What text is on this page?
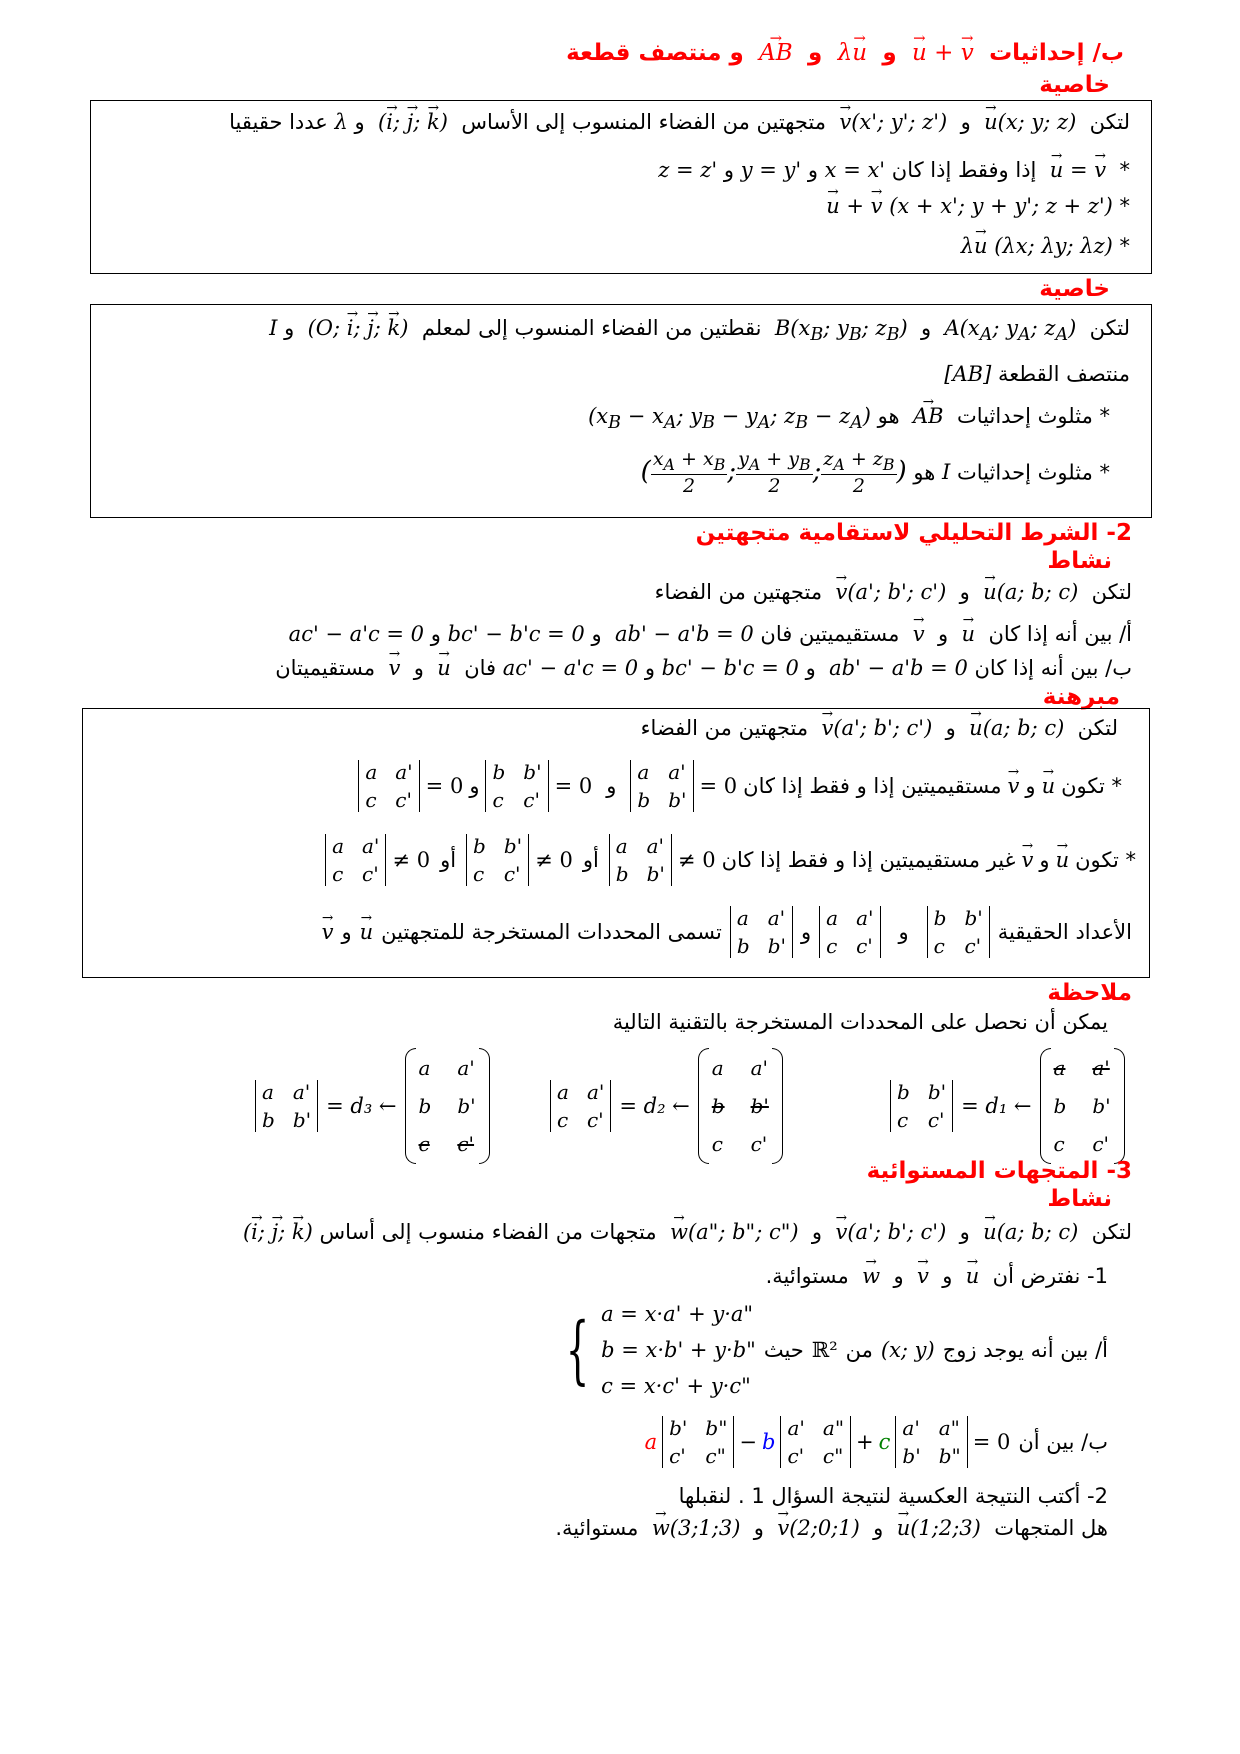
ب/ إحداثيات  → u + → v  و  λ→ u  و  → AB  و منتصف قطعة
خاصية
لتكن  → u(x; y; z)  و  → v(x'; y'; z')  متجهتين من الفضاء المنسوب إلى الأساس  (→ i; → j; → k)  و λ عددا حقيقيا
*  → u = → v  إذا وفقط إذا كان x = x' و y = y' و z = z'
*  → u + → v (x + x'; y + y'; z + z')
*  λ→ u (λx; λy; λz)
خاصية
لتكن  $A(x_A$; $y_A$; $z_A$)  و  $B(x_B$; $y_B$; $z_B$)  نقطتين من الفضاء المنسوب إلى لمعلم  (O; → i; → j; → k)  و I
منتصف القطعة [AB]
* مثلوث إحداثيات  → AB  هو  ($x_B - x_A$; $y_B - y_A$; $z_B - z_A$)
* مثلوث إحداثيات I هو ( $\frac{x_A + x_B}{2}$ ; $\frac{y_A + y_B}{2}$ ; $\frac{z_A + z_B}{2}$ )
2- الشرط التحليلي لاستقامية متجهتين
نشاط
لتكن  → u(a; b; c)  و  → v(a'; b'; c')  متجهتين من الفضاء
أ/ بين أنه إذا كان  → u  و  → v  مستقيميتين فان ab' − a'b = 0  و bc' − b'c = 0 و ac' − a'c = 0
ب/ بين أنه إذا كان ab' − a'b = 0  و bc' − b'c = 0 و ac' − a'c = 0 فان  → u  و  → v  مستقيميتان
مبرهنة
لتكن  → u(a; b; c)  و  → v(a'; b'; c')  متجهتين من الفضاء
* تكون
→ u
و
→ v
مستقيميتين إذا و فقط إذا كان
a a'
b b'
= 0
و
b b'
c c'
= 0
و
a a'
c c'
= 0
* تكون
→ u
و
→ v
غير مستقيميتين إذا و فقط إذا كان
a a'
b b'
≠ 0
أو
b b'
c c'
≠ 0
أو
a a'
c c'
≠ 0
الأعداد الحقيقية
b b'
c c'
و
a a'
c c'
و
a a'
b b'
تسمى المحددات المستخرجة للمتجهتين
→ u
و
→ v
ملاحظة
يمكن أن نحصل على المحددات المستخرجة بالتقنية التالية
a a'
b b'
= d₃ ←
a a'
b b'
c c'
a a'
c c'
= d₂ ←
a a'
b b'
c c'
b b'
c c'
= d₁ ←
a a'
b b'
c c'
3- المتجهات المستوائية
نشاط
لتكن  → u(a; b; c)  و  → v(a'; b'; c')  و  → w(a"; b"; c")  متجهات من الفضاء منسوب إلى أساس  (→ i; → j; → k)
1- نفترض أن  → u  و  → v  و  → w  مستوائية.
أ/ بين أنه يوجد زوج
(x; y)
من
ℝ²
حيث
{ a = x·a' + y·a"
b = x·b' + y·b"
c = x·c' + y·c"
ب/ بين أن
a
b' b"
c' c"
− b
a' a"
c' c"
+ c
a' a"
b' b"
= 0
2- أكتب النتيجة العكسية لنتيجة السؤال 1 . لنقبلها
هل المتجهات  → u(1;2;3)  و  → v(2;0;1)  و  → w(3;1;3)  مستوائية.
